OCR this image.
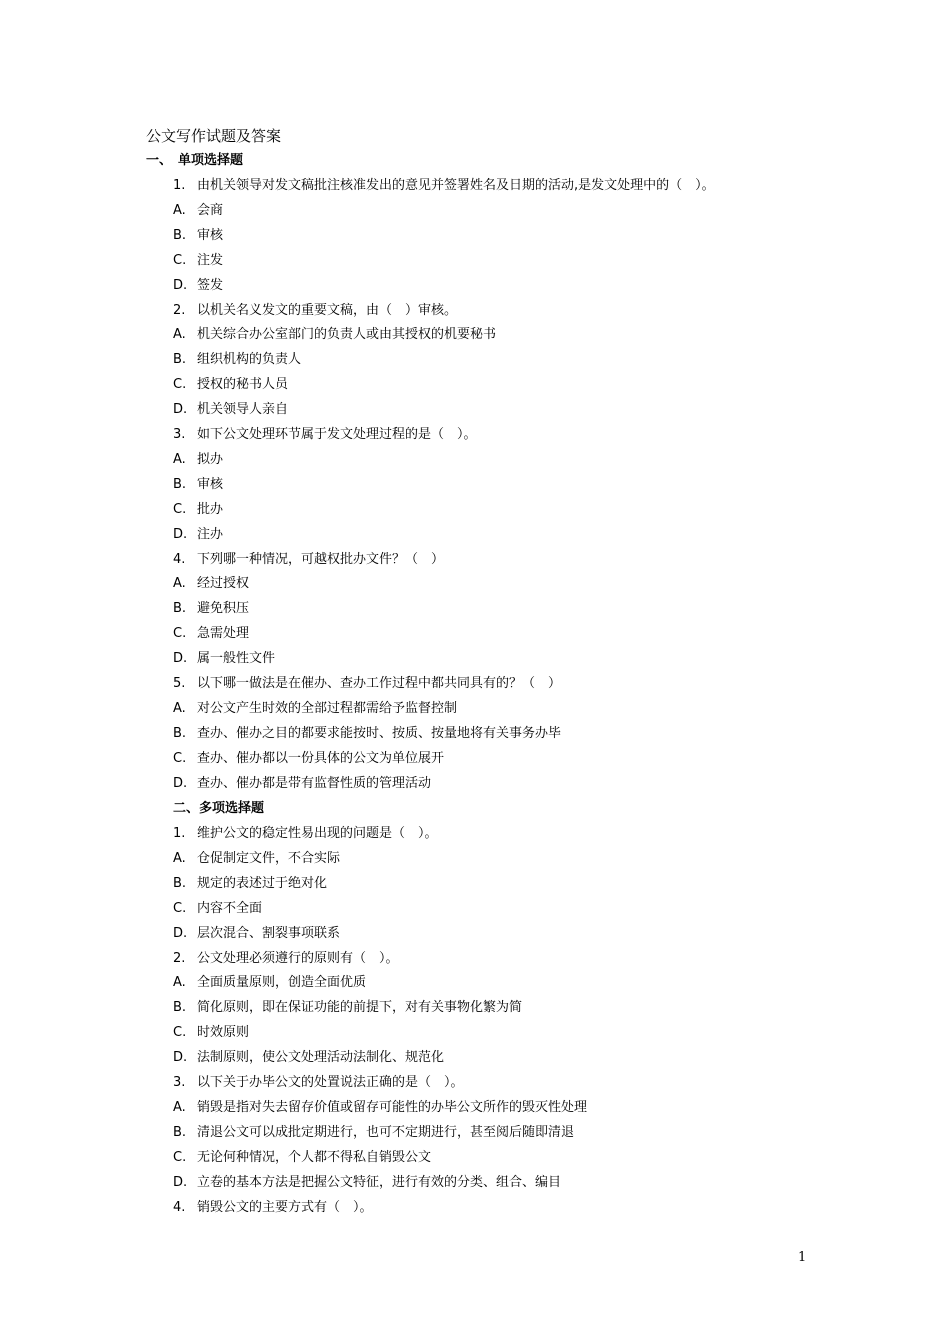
公文写作试题及答案
一、 单项选择题
1. 由机关领导对发文稿批注核准发出的意见并签署姓名及日期的活动,是发文处理中的（　）。
A. 会商
B. 审核
C. 注发
D. 签发
2. 以机关名义发文的重要文稿，由（　）审核。
A. 机关综合办公室部门的负责人或由其授权的机要秘书
B. 组织机构的负责人
C. 授权的秘书人员
D. 机关领导人亲自
3. 如下公文处理环节属于发文处理过程的是（　）。
A. 拟办
B. 审核
C. 批办
D. 注办
4. 下列哪一种情况，可越权批办文件？（　）
A. 经过授权
B. 避免积压
C. 急需处理
D. 属一般性文件
5. 以下哪一做法是在催办、查办工作过程中都共同具有的？（　）
A. 对公文产生时效的全部过程都需给予监督控制
B. 查办、催办之目的都要求能按时、按质、按量地将有关事务办毕
C. 查办、催办都以一份具体的公文为单位展开
D. 查办、催办都是带有监督性质的管理活动
二、多项选择题
1. 维护公文的稳定性易出现的问题是（　）。
A. 仓促制定文件，不合实际
B. 规定的表述过于绝对化
C. 内容不全面
D. 层次混合、割裂事项联系
2. 公文处理必须遵行的原则有（　）。
A. 全面质量原则，创造全面优质
B. 简化原则，即在保证功能的前提下，对有关事物化繁为简
C. 时效原则
D. 法制原则，使公文处理活动法制化、规范化
3. 以下关于办毕公文的处置说法正确的是（　）。
A. 销毁是指对失去留存价值或留存可能性的办毕公文所作的毁灭性处理
B. 清退公文可以成批定期进行，也可不定期进行，甚至阅后随即清退
C. 无论何种情况，个人都不得私自销毁公文
D. 立卷的基本方法是把握公文特征，进行有效的分类、组合、编目
4. 销毁公文的主要方式有（　）。
1
